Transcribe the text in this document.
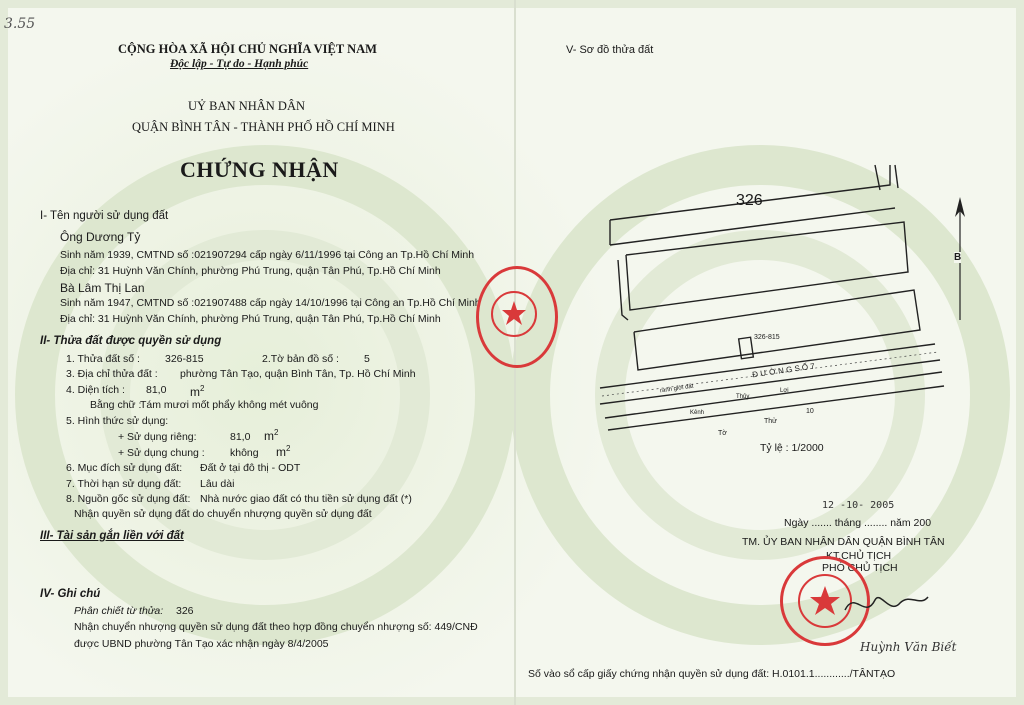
3.55
CỘNG HÒA XÃ HỘI CHỦ NGHĨA VIỆT NAM
Độc lập - Tự do - Hạnh phúc
UỶ BAN NHÂN DÂN
QUẬN BÌNH TÂN - THÀNH PHỐ HỒ CHÍ MINH
CHỨNG NHẬN
I- Tên người sử dụng đất
Ông Dương Tỷ
Sinh năm 1939, CMTND số :021907294 cấp ngày 6/11/1996 tại Công an Tp.Hồ Chí Minh
Địa chỉ: 31 Huỳnh Văn Chính, phường Phú Trung, quận Tân Phú, Tp.Hồ Chí Minh
Bà Lâm Thị Lan
Sinh năm 1947, CMTND số :021907488 cấp ngày 14/10/1996 tại Công an Tp.Hồ Chí Minh
Địa chỉ: 31 Huỳnh Văn Chính, phường Phú Trung, quận Tân Phú, Tp.Hồ Chí Minh
II- Thửa đất được quyền sử dụng
1. Thửa đất số : 326-815	2.Tờ bản đồ số : 5
3. Địa chỉ thửa đất : phường Tân Tạo, quận Bình Tân, Tp. Hồ Chí Minh
4. Diện tích : 81,0 $m^2$
Bằng chữ :
Tám mươi mốt phẩy không mét vuông
5. Hình thức sử dụng:
+ Sử dụng riêng:	81,0 $m^2$
+ Sử dụng chung : không $m^2$
6. Mục đích sử dụng đất: Đất ở tại đô thị - ODT
7. Thời hạn sử dụng đất: Lâu dài
8. Nguồn gốc sử dụng đất: Nhà nước giao đất có thu tiền sử dụng đất (*)
Nhận quyền sử dụng đất do chuyển nhượng quyền sử dụng đất
III- Tài sản gắn liền với đất
IV- Ghi chú
Phân chiết từ thửa: 326
Nhận chuyển nhượng quyền sử dụng đất theo hợp đồng chuyển nhượng số: 449/CNĐ
được UBND phường Tân Tạo xác nhận ngày 8/4/2005
V- Sơ đồ thửa đất
326
326-815
Đ Ư Ờ N G S Ố 7
ranh giới đất
Kênh
Thủy
Lợi
Tờ
Thử
10
B
Tỷ lệ : 1/2000
12 -10- 2005
Ngày ....... tháng ........ năm 200
TM. ỦY BAN NHÂN DÂN QUẬN BÌNH TÂN
KT.CHỦ TỊCH
PHÓ CHỦ TỊCH
Huỳnh Văn Biết
Số vào sổ cấp giấy chứng nhận quyền sử dụng đất: H.0101.1............/TÂNTẠO
